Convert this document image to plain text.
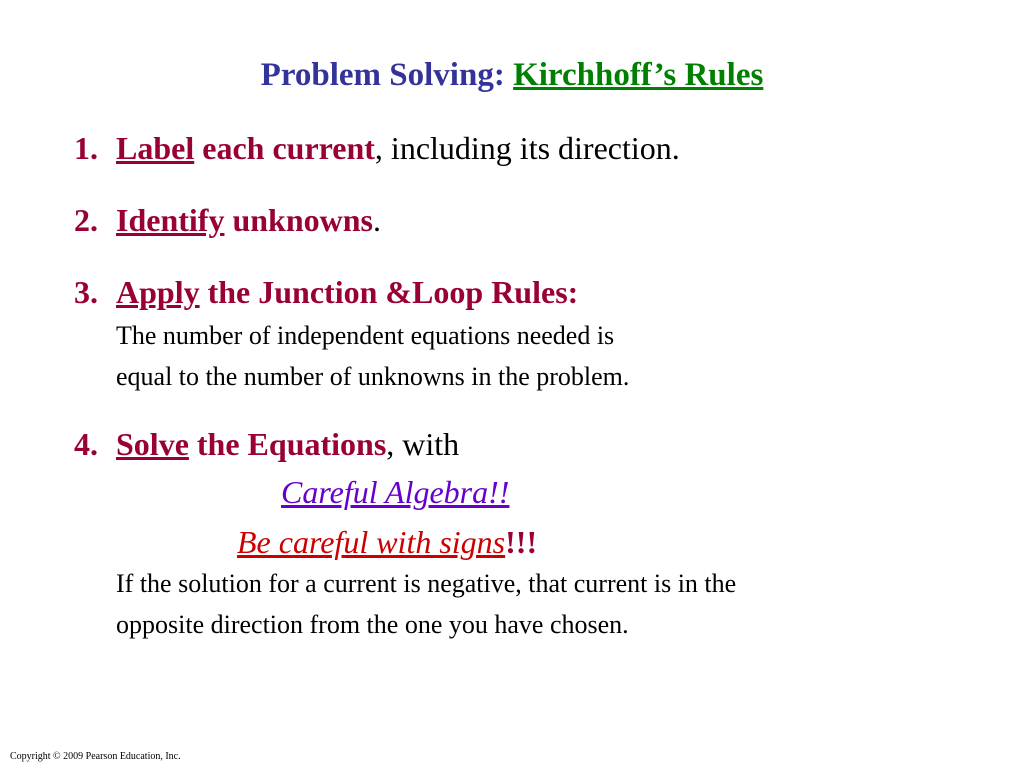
Problem Solving: Kirchhoff’s Rules
1. Label each current, including its direction.
2. Identify unknowns.
3. Apply the Junction &Loop Rules:
The number of independent equations needed is
equal to the number of unknowns in the problem.
4. Solve the Equations, with
Careful Algebra!!
Be careful with signs!!!
If the solution for a current is negative, that current is in the
opposite direction from the one you have chosen.
Copyright © 2009 Pearson Education, Inc.
